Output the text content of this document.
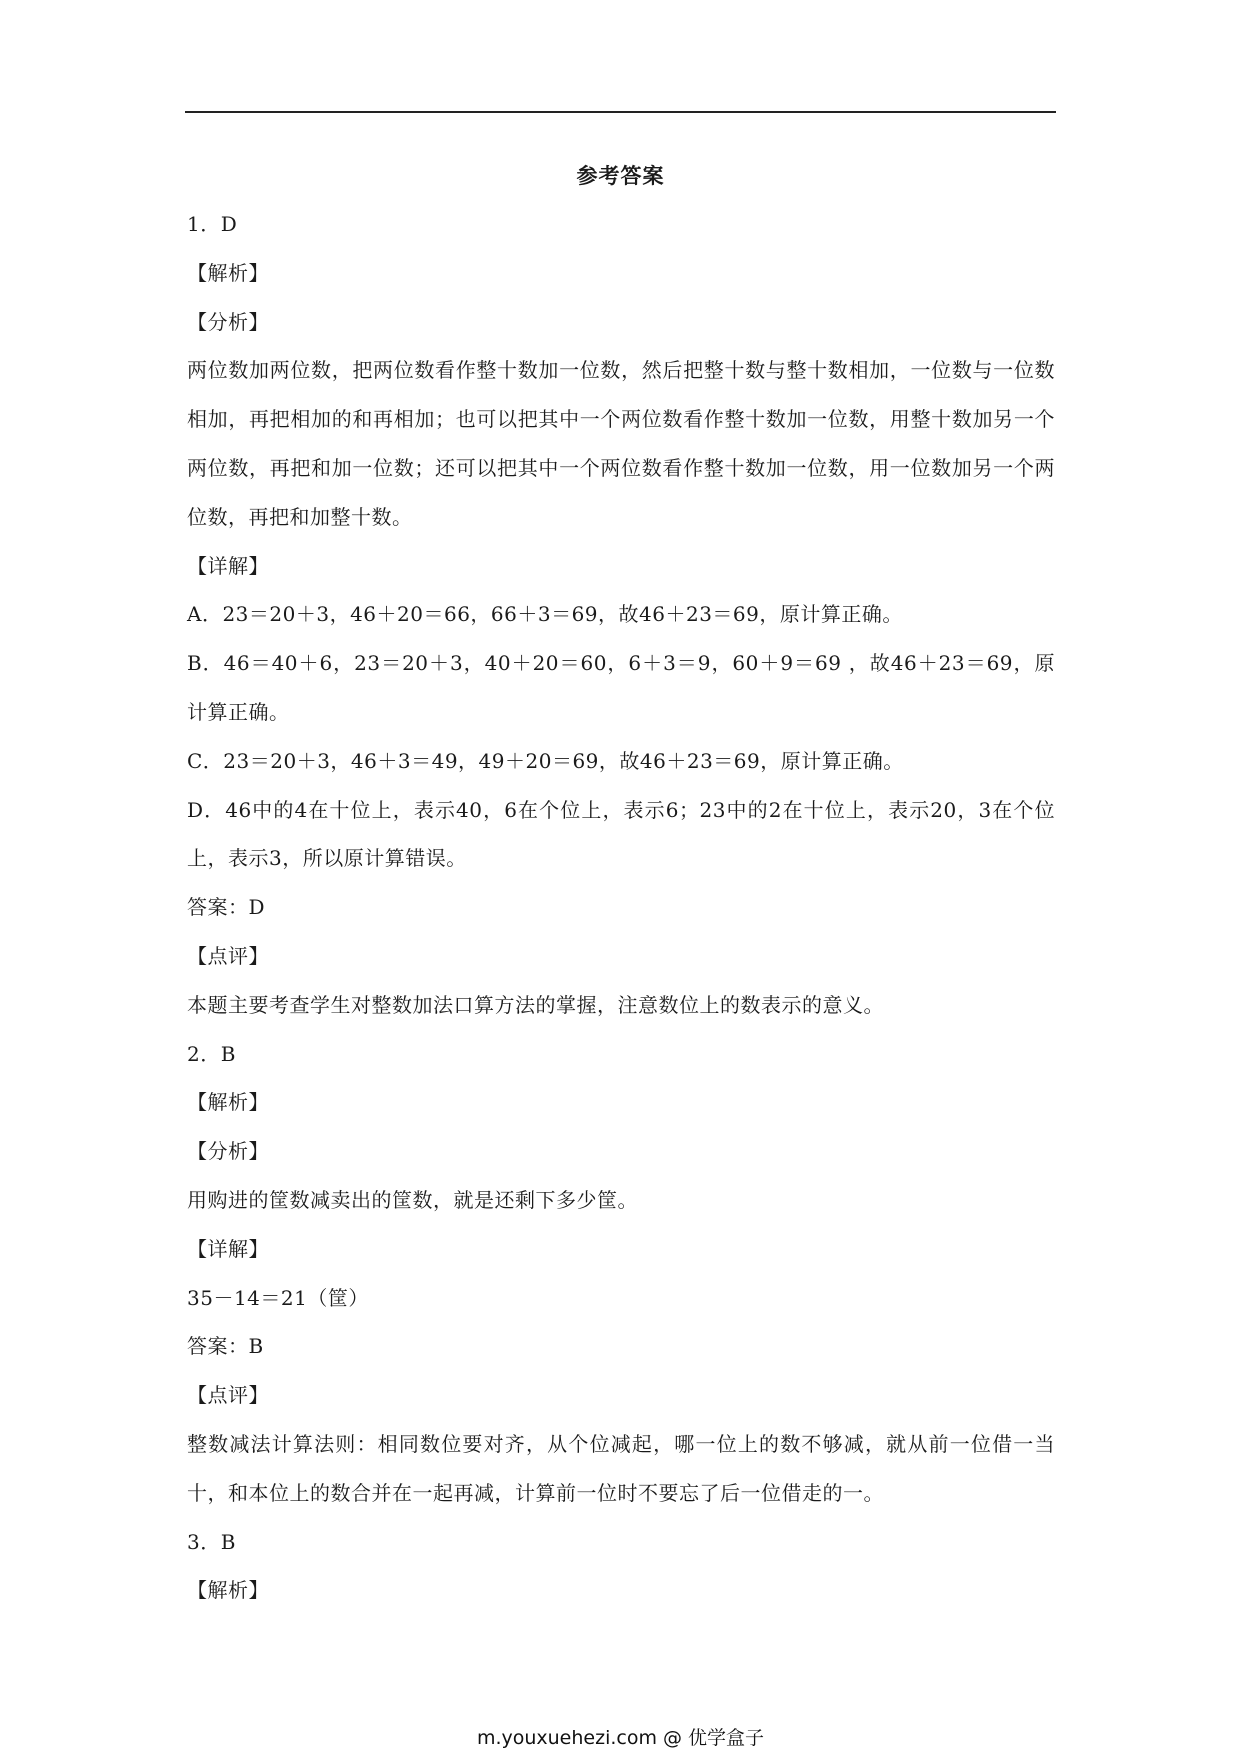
参考答案
1．D
【解析】
【分析】
两位数加两位数，把两位数看作整十数加一位数，然后把整十数与整十数相加，一位数与一位数相加，再把相加的和再相加；也可以把其中一个两位数看作整十数加一位数，用整十数加另一个两位数，再把和加一位数；还可以把其中一个两位数看作整十数加一位数，用一位数加另一个两位数，再把和加整十数。
【详解】
A．23＝20＋3，46＋20＝66，66＋3＝69，故46＋23＝69，原计算正确。
B．46＝40＋6，23＝20＋3，40＋20＝60，6＋3＝9，60＋9＝69 ，故46＋23＝69，原计算正确。
C．23＝20＋3，46＋3＝49，49＋20＝69，故46＋23＝69，原计算正确。
D．46中的4在十位上，表示40，6在个位上，表示6；23中的2在十位上，表示20，3在个位上，表示3，所以原计算错误。
答案：D
【点评】
本题主要考查学生对整数加法口算方法的掌握，注意数位上的数表示的意义。
2．B
【解析】
【分析】
用购进的筐数减卖出的筐数，就是还剩下多少筐。
【详解】
35－14＝21（筐）
答案：B
【点评】
整数减法计算法则：相同数位要对齐，从个位减起，哪一位上的数不够减，就从前一位借一当十，和本位上的数合并在一起再减，计算前一位时不要忘了后一位借走的一。
3．B
【解析】
m.youxuehezi.com @ 优学盒子
